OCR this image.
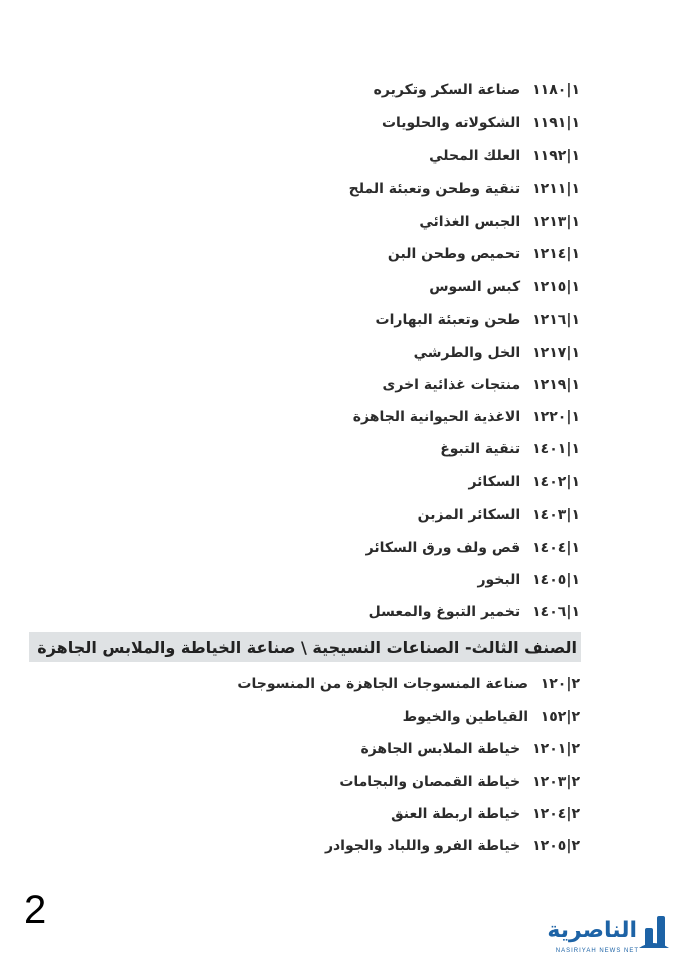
١|١١٨٠
صناعة السكر وتكريره
١|١١٩١
الشكولاته والحلويات
١|١١٩٢
العلك المحلي
١|١٢١١
تنقية وطحن وتعبئة الملح
١|١٢١٣
الجبس الغذائي
١|١٢١٤
تحميص وطحن البن
١|١٢١٥
كبس السوس
١|١٢١٦
طحن وتعبئة البهارات
١|١٢١٧
الخل والطرشي
١|١٢١٩
منتجات غذائية اخرى
١|١٢٢٠
الاغذية الحيوانية الجاهزة
١|١٤٠١
تنقية التبوغ
١|١٤٠٢
السكائر
١|١٤٠٣
السكائر المزبن
١|١٤٠٤
قص ولف ورق السكائر
١|١٤٠٥
البخور
١|١٤٠٦
تخمير التبوغ والمعسل
الصنف الثالث- الصناعات النسيجية \ صناعة الخياطة والملابس الجاهزة
٢|١٢٠
صناعة المنسوجات الجاهزة من المنسوجات
٢|١٥٢
القياطين والخيوط
٢|١٢٠١
خياطة الملابس الجاهزة
٢|١٢٠٣
خياطة القمصان والبجامات
٢|١٢٠٤
خياطة اربطة العنق
٢|١٢٠٥
خياطة الفرو واللباد والجوادر
2	الناصرية
NASIRIYAH NEWS NET
